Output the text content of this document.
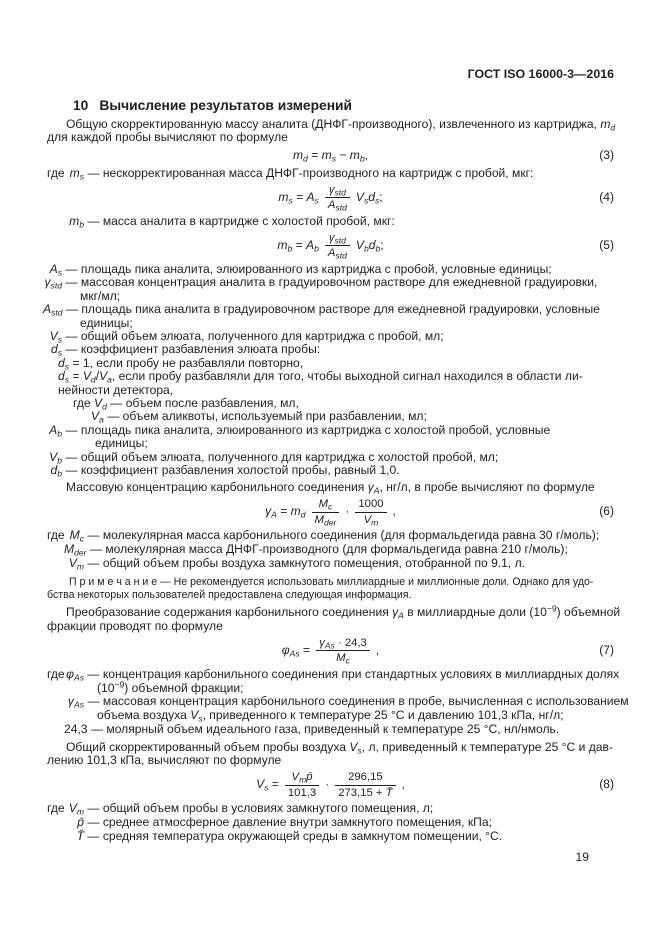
ГОСТ ISO 16000-3—2016
10 Вычисление результатов измерений
Общую скорректированную массу аналита (ДНФГ-производного), извлеченного из картриджа, $m_d$
для каждой пробы вычисляют по формуле
$m_d = m_s - m_b$,	(3)
где $m_s$ — нескорректированная масса ДНФГ-производного на картридж с пробой, мкг:
$m_s = A_s \frac{\gamma_{std}}{A_{std}} V_sd_s$;	(4)
$m_b$ — масса аналита в картридже с холостой пробой, мкг:
$m_b = A_b \frac{\gamma_{std}}{A_{std}} V_bd_b$;	(5)
$A_s$ — площадь пика аналита, элюированного из картриджа с пробой, условные единицы;
$\gamma_{std}$ — массовая концентрация аналита в градуировочном растворе для ежедневной градуировки,
мкг/мл;
$A_{std}$ — площадь пика аналита в градуировочном растворе для ежедневной градуировки, условные
единицы;
$V_s$ — общий объем элюата, полученного для картриджа с пробой, мл;
$d_s$ — коэффициент разбавления элюата пробы:
$d_s = 1$, если пробу не разбавляли повторно,
$d_s = V_d/V_a$, если пробу разбавляли для того, чтобы выходной сигнал находился в области ли-
нейности детектора,
где $V_d$ — объем после разбавления, мл,
$V_a$ — объем аликвоты, используемый при разбавлении, мл;
$A_b$ — площадь пика аналита, элюированного из картриджа с холостой пробой, условные
единицы;
$V_b$ — общий объем элюата, полученного для картриджа с холостой пробой, мл;
$d_b$ — коэффициент разбавления холостой пробы, равный 1,0.
Массовую концентрацию карбонильного соединения $\gamma_A$, нг/л, в пробе вычисляют по формуле
$\gamma_A = m_d \frac{M_c}{M_{der}} \cdot \frac{1000}{V_m}$ ,	(6)
где $M_c$ — молекулярная масса карбонильного соединения (для формальдегида равна 30 г/моль);
$M_{der}$ — молекулярная масса ДНФГ-производного (для формальдегида равна 210 г/моль);
$V_m$ — общий объем пробы воздуха замкнутого помещения, отобранной по 9.1, л.
П р и м е ч а н и е — Не рекомендуется использовать миллиардные и миллионные доли. Однако для удо-
бства некоторых пользователей предоставлена следующая информация.
Преобразование содержания карбонильного соединения $\gamma_A$ в миллиардные доли $(10^{-9})$ объемной
фракции проводят по формуле
$\varphi_{As} = \frac{\gamma_{As} \cdot 24,3}{M_c}$ ,	(7)
где $\varphi_{As}$ — концентрация карбонильного соединения при стандартных условиях в миллиардных долях
$(10^{-9})$ объемной фракции;
$\gamma_{As}$ — массовая концентрация карбонильного соединения в пробе, вычисленная с использованием
объема воздуха $V_s$, приведенного к температуре 25 °С и давлению 101,3 кПа, нг/л;
24,3 — молярный объем идеального газа, приведенный к температуре 25 °С, нл/нмоль.
Общий скорректированный объем пробы воздуха $V_s$, л, приведенный к температуре 25 °С и дав-
лению 101,3 кПа, вычисляют по формуле
$V_s = \frac{V_mp̄}{101,3} \cdot \frac{296,15}{273,15 + T̄}$ ,	(8)
где $V_m$ — общий объем пробы в условиях замкнутого помещения, л;
p̄ — среднее атмосферное давление внутри замкнутого помещения, кПа;
T̄ — средняя температура окружающей среды в замкнутом помещении, °С.
19
